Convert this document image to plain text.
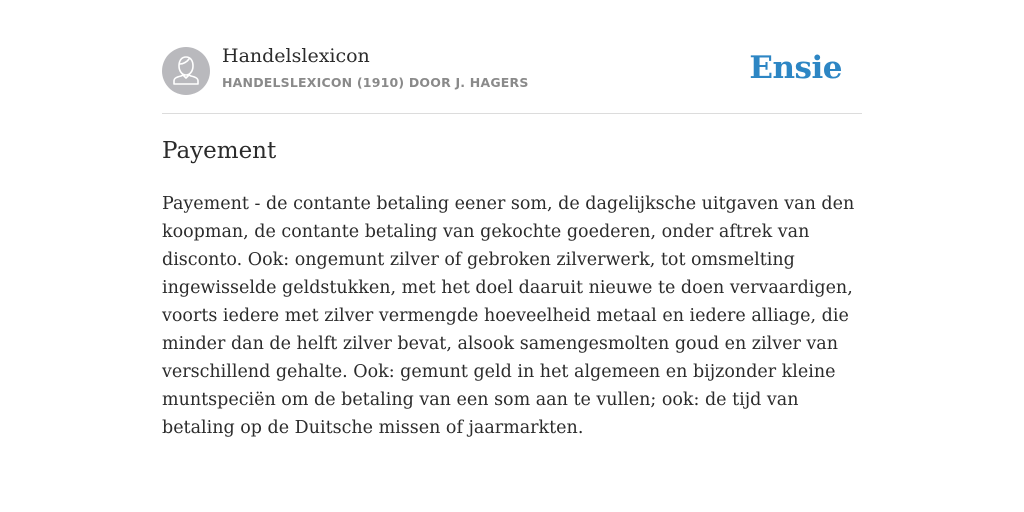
Handelslexicon
HANDELSLEXICON (1910) DOOR J. HAGERS	Ensie
Payement

Payement - de contante betaling eener som, de dagelijksche uitgaven van den koopman, de contante betaling van gekochte goederen, onder aftrek van disconto. Ook: ongemunt zilver of gebroken zilverwerk, tot omsmelting ingewisselde geldstukken, met het doel daaruit nieuwe te doen vervaardigen, voorts iedere met zilver vermengde hoeveelheid metaal en iedere alliage, die minder dan de helft zilver bevat, alsook samengesmolten goud en zilver van verschillend gehalte. Ook: gemunt geld in het algemeen en bijzonder kleine muntspeciën om de betaling van een som aan te vullen; ook: de tijd van betaling op de Duitsche missen of jaarmarkten.
